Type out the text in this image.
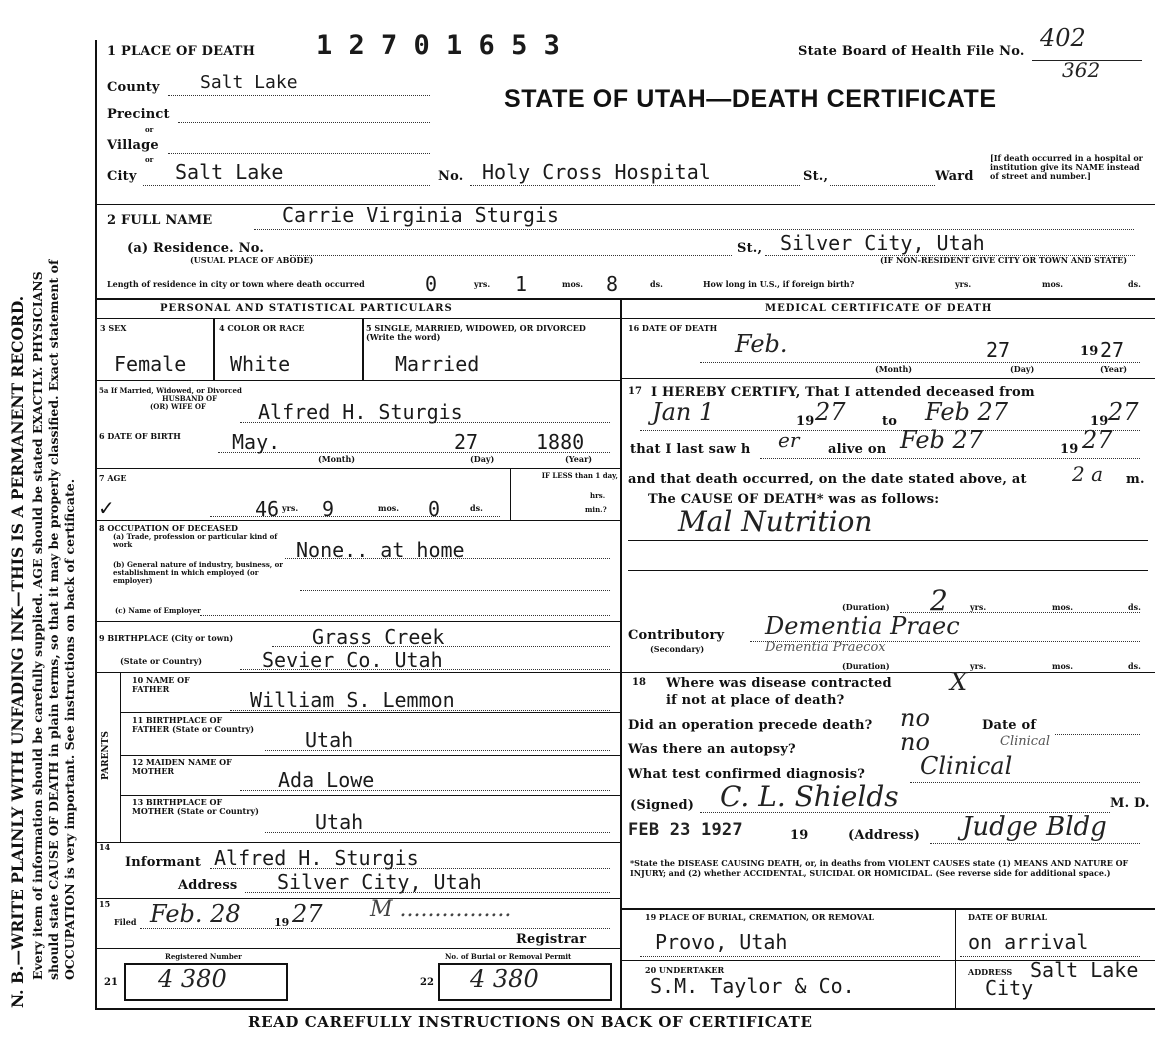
N. B.—WRITE PLAINLY WITH UNFADING INK—THIS IS A PERMANENT RECORD. Every item of information should be carefully supplied. AGE should be stated EXACTLY. PHYSICIANS should state CAUSE OF DEATH in plain terms, so that it may be properly classified. Exact statement of OCCUPATION is very important. See instructions on back of certificate.
1 PLACE OF DEATH 1 2 7 0 1 6 5 3	State Board of Health File No. 402
362
STATE OF UTAH—DEATH CERTIFICATE
County Salt Lake
Precinct
or
Village
or
City Salt Lake	No. Holy Cross Hospital	St.,	Ward
[If death occurred in a hospital or institution give its NAME instead of street and number.]
2 FULL NAME	Carrie Virginia Sturgis
(a) Residence. No.
(USUAL PLACE OF ABODE)
St., Silver City, Utah
(IF NON-RESIDENT GIVE CITY OR TOWN AND STATE)
Length of residence in city or town where death occurred	0	yrs. 1	mos. 8	ds.	How long in U.S., if foreign birth?	yrs.	mos.	ds.
PERSONAL AND STATISTICAL PARTICULARS
3 SEX	4 COLOR OR RACE	5 SINGLE, MARRIED, WIDOWED, OR DIVORCED (Write the word)
Female White	Married
5a If Married, Widowed, or Divorced
HUSBAND OF
(OR) WIFE OF	Alfred H. Sturgis
6 DATE OF BIRTH	May.	27	1880
(Month)	(Day)	(Year)
7 AGE
✓	46 yrs. 9	mos. 0	ds.
IF LESS than 1 day,
hrs.
min.?
8 OCCUPATION OF DECEASED
(a) Trade, profession or particular kind of work	None.. at home
(b) General nature of industry, business, or establishment in which employed (or employer)
(c) Name of Employer
9 BIRTHPLACE (City or town)	Grass Creek
(State or Country)	Sevier Co. Utah
PARENTS
10 NAME OF FATHER	William S. Lemmon
11 BIRTHPLACE OF FATHER (State or Country)	Utah
12 MAIDEN NAME OF MOTHER	Ada Lowe
13 BIRTHPLACE OF MOTHER (State or Country)	Utah
14
Informant Alfred H. Sturgis
Address Silver City, Utah
15
Filed Feb. 28	19 27 M ................
Registrar
Registered Number
21 4 380
No. of Burial or Removal Permit
22 4 380
MEDICAL CERTIFICATE OF DEATH
16 DATE OF DEATH
Feb.	27	19 27
(Month)	(Day)	(Year)
17 I HEREBY CERTIFY, That I attended deceased from
Jan 1	19 27	to Feb 27	19 27
that I last saw h er alive on Feb 27	19 27
and that death occurred, on the date stated above, at 2 a m.
The CAUSE OF DEATH* was as follows:
Mal Nutrition
(Duration) 2	yrs.	mos.	ds.
Contributory
(Secondary)
Dementia Praec
Dementia Praecox
(Duration)	yrs.	mos.	ds.
18 Where was disease contracted
if not at place of death?
X
Did an operation precede death? no	Date of
Was there an autopsy?	no	Clinical
What test confirmed diagnosis? Clinical
(Signed) C. L. Shields	M. D.
FEB 23 1927	19	(Address) Judge Bldg
*State the DISEASE CAUSING DEATH, or, in deaths from VIOLENT CAUSES state (1) MEANS AND NATURE OF INJURY; and (2) whether ACCIDENTAL, SUICIDAL OR HOMICIDAL. (See reverse side for additional space.)
19 PLACE OF BURIAL, CREMATION, OR REMOVAL
Provo, Utah
DATE OF BURIAL
on arrival
20 UNDERTAKER
S.M. Taylor & Co.
ADDRESS Salt Lake
City
READ CAREFULLY INSTRUCTIONS ON BACK OF CERTIFICATE
